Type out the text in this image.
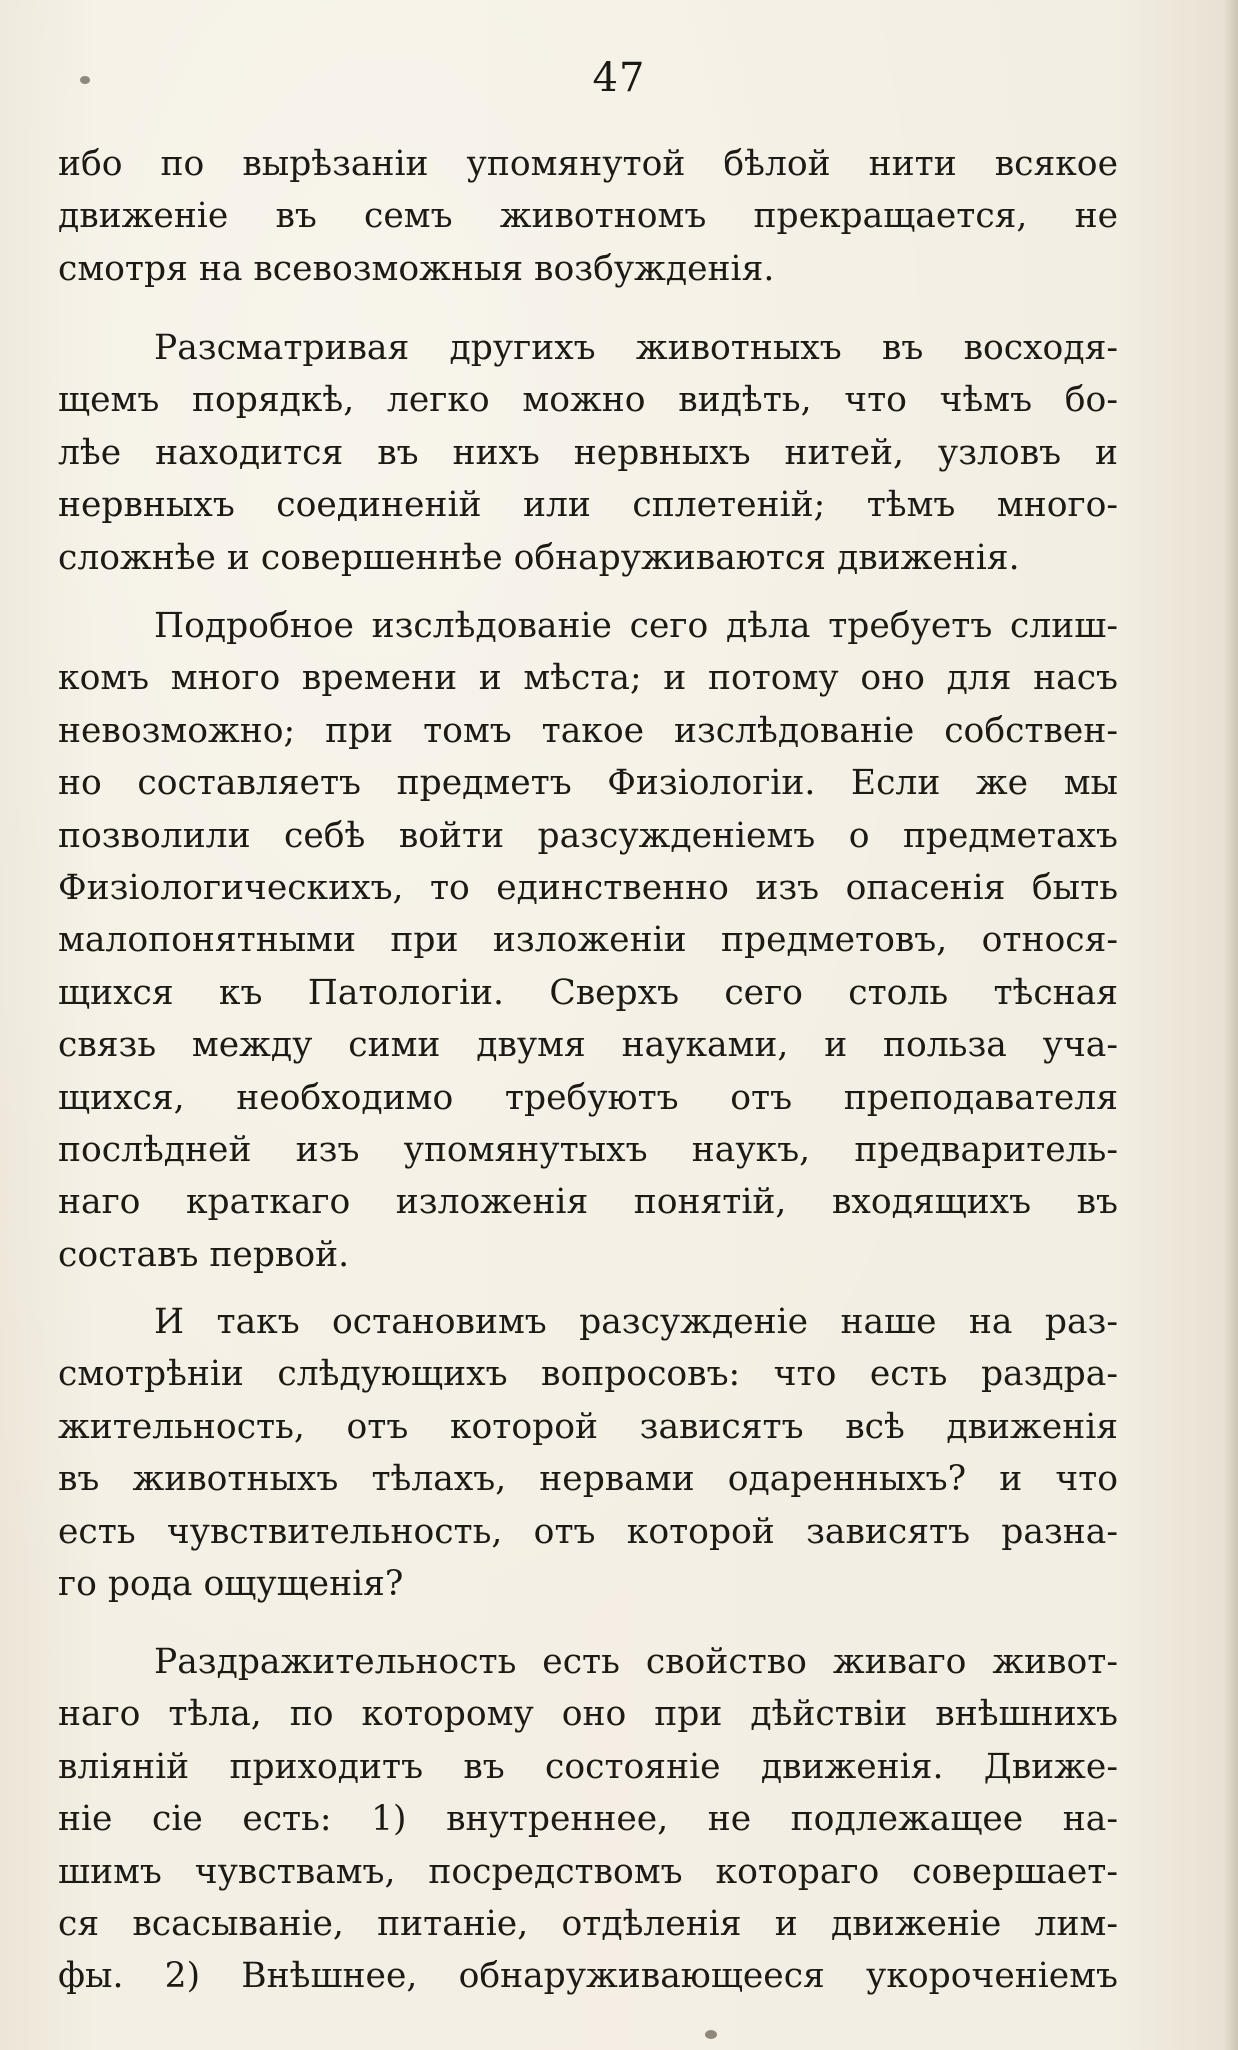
47
ибо по вырѣзаніи упомянутой бѣлой нити всякое
движеніе въ семъ животномъ прекращается, не
смотря на всевозможныя возбужденія.
Разсматривая другихъ животныхъ въ восходя-
щемъ порядкѣ, легко можно видѣть, что чѣмъ бо-
лѣе находится въ нихъ нервныхъ нитей, узловъ и
нервныхъ соединеній или сплетеній; тѣмъ много-
сложнѣе и совершеннѣе обнаруживаются движенія.
Подробное изслѣдованіе сего дѣла требуетъ слиш-
комъ много времени и мѣста; и потому оно для насъ
невозможно; при томъ такое изслѣдованіе собствен-
но составляетъ предметъ Физіологіи. Если же мы
позволили себѣ войти разсужденіемъ о предметахъ
Физіологическихъ, то единственно изъ опасенія быть
малопонятными при изложеніи предметовъ, относя-
щихся къ Патологіи. Сверхъ сего столь тѣсная
связь между сими двумя науками, и польза уча-
щихся, необходимо требуютъ отъ преподавателя
послѣдней изъ упомянутыхъ наукъ, предваритель-
наго краткаго изложенія понятій, входящихъ въ
составъ первой.
И такъ остановимъ разсужденіе наше на раз-
смотрѣніи слѣдующихъ вопросовъ: что есть раздра-
жительность, отъ которой зависятъ всѣ движенія
въ животныхъ тѣлахъ, нервами одаренныхъ? и что
есть чувствительность, отъ которой зависятъ разна-
го рода ощущенія?
Раздражительность есть свойство живаго живот-
наго тѣла, по которому оно при дѣйствіи внѣшнихъ
вліяній приходитъ въ состояніе движенія. Движе-
ніе сіе есть: 1) внутреннее, не подлежащее на-
шимъ чувствамъ, посредствомъ котораго совершает-
ся всасываніе, питаніе, отдѣленія и движеніе лим-
фы. 2) Внѣшнее, обнаруживающееся укороченіемъ
